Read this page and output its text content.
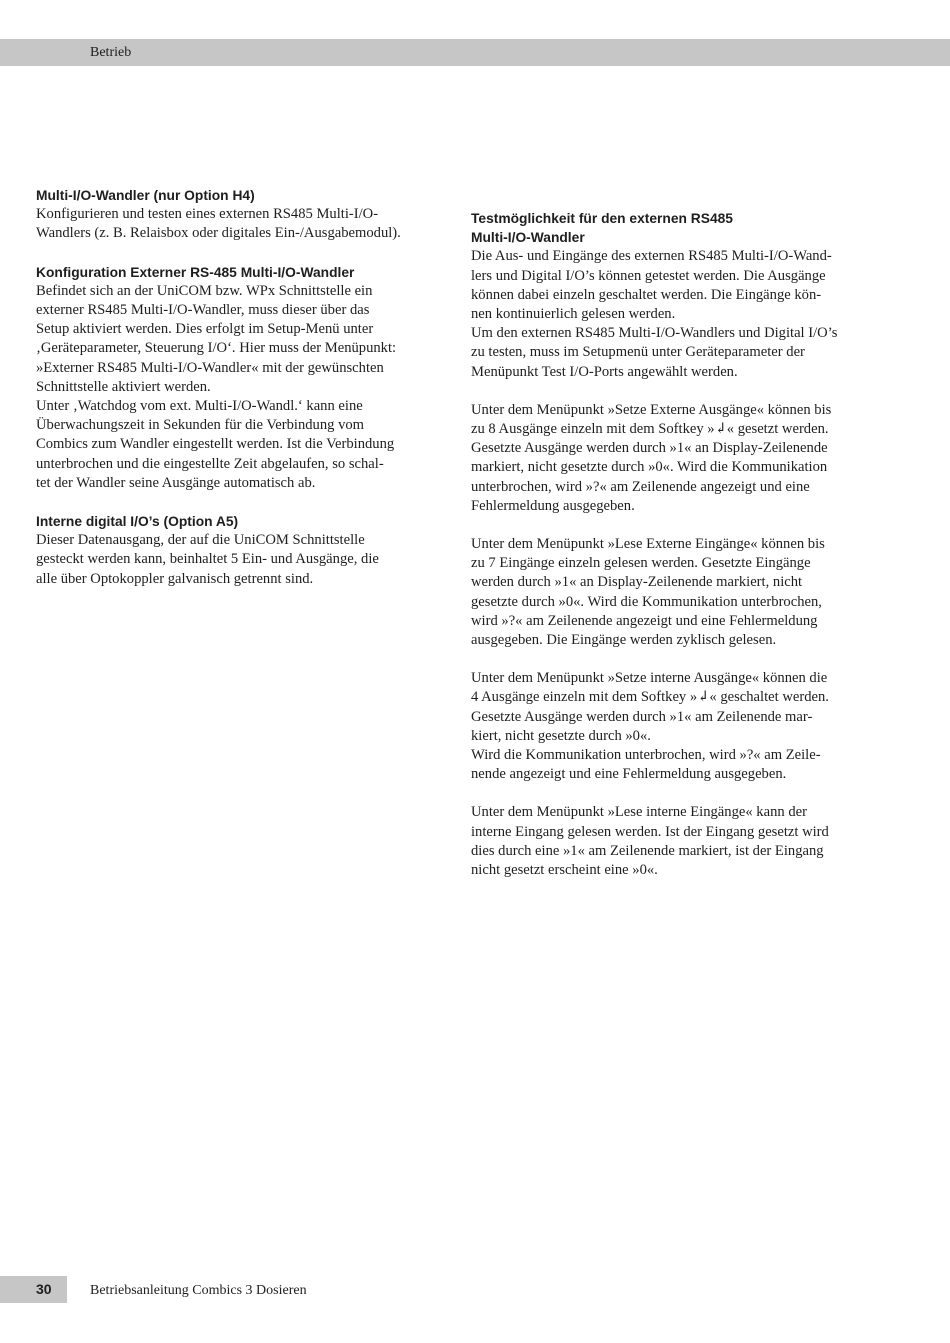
Betrieb

Multi-I/O-Wandler (nur Option H4)

Konfigurieren und testen eines externen RS485 Multi-I/O-
Wandlers (z. B. Relaisbox oder digitales Ein-/Ausgabemodul).

Konfiguration Externer RS-485 Multi-I/O-Wandler

Befindet sich an der UniCOM bzw. WPx Schnittstelle ein
externer RS485 Multi-I/O-Wandler, muss dieser über das
Setup aktiviert werden. Dies erfolgt im Setup-Menü unter
‚Geräteparameter, Steuerung I/O‘. Hier muss der Menüpunkt:
»Externer RS485 Multi-I/O-Wandler« mit der gewünschten
Schnittstelle aktiviert werden.
Unter ‚Watchdog vom ext. Multi-I/O-Wandl.‘ kann eine
Überwachungszeit in Sekunden für die Verbindung vom
Combics zum Wandler eingestellt werden. Ist die Verbindung
unterbrochen und die eingestellte Zeit abgelaufen, so schal-
tet der Wandler seine Ausgänge automatisch ab.

Interne digital I/O’s (Option A5)

Dieser Datenausgang, der auf die UniCOM Schnittstelle
gesteckt werden kann, beinhaltet 5 Ein- und Ausgänge, die
alle über Optokoppler galvanisch getrennt sind.

Testmöglichkeit für den externen RS485
Multi-I/O-Wandler

Die Aus- und Eingänge des externen RS485 Multi-I/O-Wand-
lers und Digital I/O’s können getestet werden. Die Ausgänge
können dabei einzeln geschaltet werden. Die Eingänge kön-
nen kontinuierlich gelesen werden.
Um den externen RS485 Multi-I/O-Wandlers und Digital I/O’s
zu testen, muss im Setupmenü unter Geräteparameter der
Menüpunkt Test I/O-Ports angewählt werden.

Unter dem Menüpunkt »Setze Externe Ausgänge« können bis
zu 8 Ausgänge einzeln mit dem Softkey »↲« gesetzt werden.
Gesetzte Ausgänge werden durch »1« an Display-Zeilenende
markiert, nicht gesetzte durch »0«. Wird die Kommunikation
unterbrochen, wird »?« am Zeilenende angezeigt und eine
Fehlermeldung ausgegeben.

Unter dem Menüpunkt »Lese Externe Eingänge« können bis
zu 7 Eingänge einzeln gelesen werden. Gesetzte Eingänge
werden durch »1« an Display-Zeilenende markiert, nicht
gesetzte durch »0«. Wird die Kommunikation unterbrochen,
wird »?« am Zeilenende angezeigt und eine Fehlermeldung
ausgegeben. Die Eingänge werden zyklisch gelesen.

Unter dem Menüpunkt »Setze interne Ausgänge« können die
4 Ausgänge einzeln mit dem Softkey »↲« geschaltet werden.
Gesetzte Ausgänge werden durch »1« am Zeilenende mar-
kiert, nicht gesetzte durch »0«.
Wird die Kommunikation unterbrochen, wird »?« am Zeile-
nende angezeigt und eine Fehlermeldung ausgegeben.

Unter dem Menüpunkt »Lese interne Eingänge« kann der
interne Eingang gelesen werden. Ist der Eingang gesetzt wird
dies durch eine »1« am Zeilenende markiert, ist der Eingang
nicht gesetzt erscheint eine »0«.

30	Betriebsanleitung Combics 3 Dosieren
